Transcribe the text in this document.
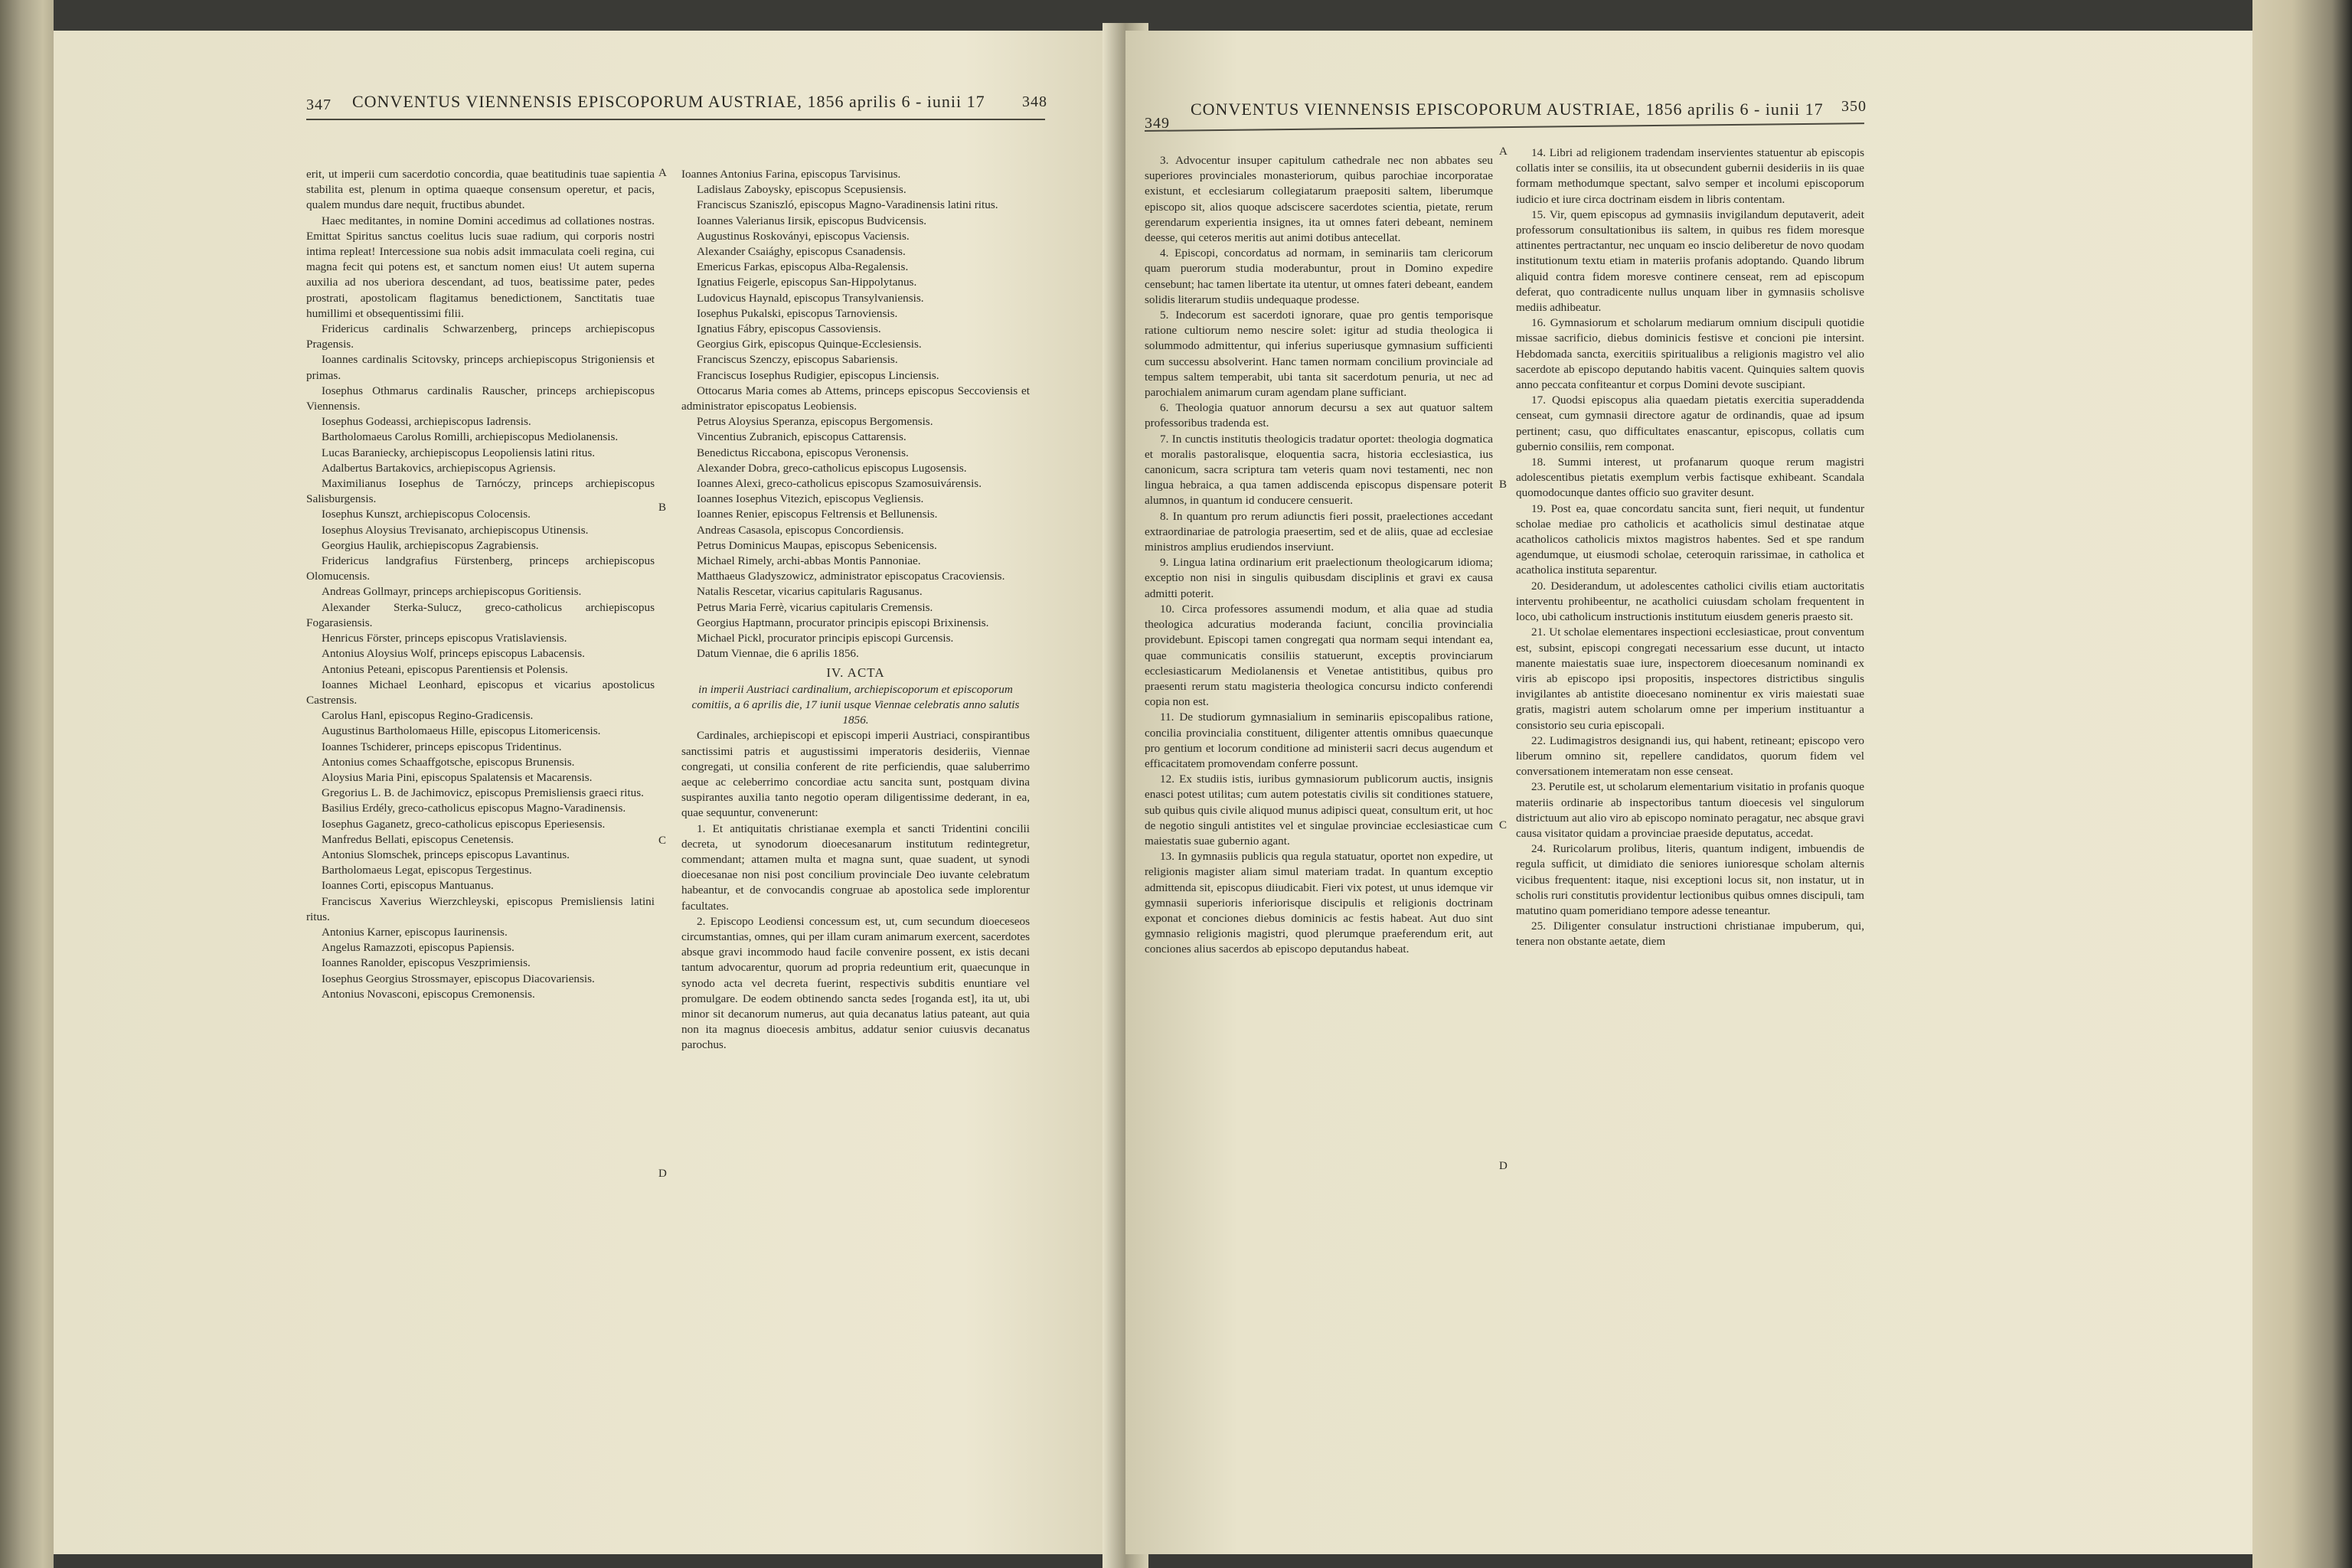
347 CONVENTUS VIENNENSIS EPISCOPORUM AUSTRIAE, 1856 aprilis 6 - iunii 17 348

erit, ut imperii cum sacerdotio concordia, quae beatitudinis tuae sapientia stabilita est, plenum in optima quaeque consensum operetur, et pacis, qualem mundus dare nequit, fructibus abundet.

Haec meditantes, in nomine Domini accedimus ad collationes nostras. Emittat Spiritus sanctus coelitus lucis suae radium, qui corporis nostri intima repleat! Intercessione sua nobis adsit immaculata coeli regina, cui magna fecit qui potens est, et sanctum nomen eius! Ut autem superna auxilia ad nos uberiora descendant, ad tuos, beatissime pater, pedes prostrati, apostolicam flagitamus benedictionem, Sanctitatis tuae humillimi et obsequentissimi filii.

Fridericus cardinalis Schwarzenberg, princeps archiepiscopus Pragensis.

Ioannes cardinalis Scitovsky, princeps archiepiscopus Strigoniensis et primas.

Iosephus Othmarus cardinalis Rauscher, princeps archiepiscopus Viennensis.

Iosephus Godeassi, archiepiscopus Iadrensis.

Bartholomaeus Carolus Romilli, archiepiscopus Mediolanensis.

Lucas Baraniecky, archiepiscopus Leopoliensis latini ritus.

Adalbertus Bartakovics, archiepiscopus Agriensis.

Maximilianus Iosephus de Tarnóczy, princeps archiepiscopus Salisburgensis.

Iosephus Kunszt, archiepiscopus Colocensis.

Iosephus Aloysius Trevisanato, archiepiscopus Utinensis.

Georgius Haulik, archiepiscopus Zagrabiensis.

Fridericus landgrafius Fürstenberg, princeps archiepiscopus Olomucensis.

Andreas Gollmayr, princeps archiepiscopus Goritiensis.

Alexander Sterka-Sulucz, greco-catholicus archiepiscopus Fogarasiensis.

Henricus Förster, princeps episcopus Vratislaviensis.

Antonius Aloysius Wolf, princeps episcopus Labacensis.

Antonius Peteani, episcopus Parentiensis et Polensis.

Ioannes Michael Leonhard, episcopus et vicarius apostolicus Castrensis.

Carolus Hanl, episcopus Regino-Gradicensis.

Augustinus Bartholomaeus Hille, episcopus Litomericensis.

Ioannes Tschiderer, princeps episcopus Tridentinus.

Antonius comes Schaaffgotsche, episcopus Brunensis.

Aloysius Maria Pini, episcopus Spalatensis et Macarensis.

Gregorius L. B. de Jachimovicz, episcopus Premisliensis graeci ritus.

Basilius Erdély, greco-catholicus episcopus Magno-Varadinensis.

Iosephus Gaganetz, greco-catholicus episcopus Eperiesensis.

Manfredus Bellati, episcopus Cenetensis.

Antonius Slomschek, princeps episcopus Lavantinus.

Bartholomaeus Legat, episcopus Tergestinus.

Ioannes Corti, episcopus Mantuanus.

Franciscus Xaverius Wierzchleyski, episcopus Premisliensis latini ritus.

Antonius Karner, episcopus Iaurinensis.

Angelus Ramazzoti, episcopus Papiensis.

Ioannes Ranolder, episcopus Veszprimiensis.

Iosephus Georgius Strossmayer, episcopus Diacovariensis.

Antonius Novasconi, episcopus Cremonensis.

Ioannes Antonius Farina, episcopus Tarvisinus.

Ladislaus Zaboysky, episcopus Scepusiensis.

Franciscus Szaniszló, episcopus Magno-Varadinensis latini ritus.

Ioannes Valerianus Iirsik, episcopus Budvicensis.

Augustinus Roskoványi, episcopus Vaciensis.

Alexander Csaiághy, episcopus Csanadensis.

Emericus Farkas, episcopus Alba-Regalensis.

Ignatius Feigerle, episcopus San-Hippolytanus.

Ludovicus Haynald, episcopus Transylvaniensis.

Iosephus Pukalski, episcopus Tarnoviensis.

Ignatius Fábry, episcopus Cassoviensis.

Georgius Girk, episcopus Quinque-Ecclesiensis.

Franciscus Szenczy, episcopus Sabariensis.

Franciscus Iosephus Rudigier, episcopus Linciensis.

Ottocarus Maria comes ab Attems, princeps episcopus Seccoviensis et administrator episcopatus Leobiensis.

Petrus Aloysius Speranza, episcopus Bergomensis.

Vincentius Zubranich, episcopus Cattarensis.

Benedictus Riccabona, episcopus Veronensis.

Alexander Dobra, greco-catholicus episcopus Lugosensis.

Ioannes Alexi, greco-catholicus episcopus Szamosuivárensis.

Ioannes Iosephus Vitezich, episcopus Vegliensis.

Ioannes Renier, episcopus Feltrensis et Bellunensis.

Andreas Casasola, episcopus Concordiensis.

Petrus Dominicus Maupas, episcopus Sebenicensis.

Michael Rimely, archi-abbas Montis Pannoniae.

Matthaeus Gladyszowicz, administrator episcopatus Cracoviensis.

Natalis Rescetar, vicarius capitularis Ragusanus.

Petrus Maria Ferrè, vicarius capitularis Cremensis.

Georgius Haptmann, procurator principis episcopi Brixinensis.

Michael Pickl, procurator principis episcopi Gurcensis.

Datum Viennae, die 6 aprilis 1856.

IV. ACTA

in imperii Austriaci cardinalium, archiepiscoporum et episcoporum comitiis, a 6 aprilis die, 17 iunii usque Viennae celebratis anno salutis 1856.

Cardinales, archiepiscopi et episcopi imperii Austriaci, conspirantibus sanctissimi patris et augustissimi imperatoris desideriis, Viennae congregati, ut consilia conferent de rite perficiendis, quae saluberrimo aeque ac celeberrimo concordiae actu sancita sunt, postquam divina suspirantes auxilia tanto negotio operam diligentissime dederant, in ea, quae sequuntur, convenerunt:

1. Et antiquitatis christianae exempla et sancti Tridentini concilii decreta, ut synodorum dioecesanarum institutum redintegretur, commendant; attamen multa et magna sunt, quae suadent, ut synodi dioecesanae non nisi post concilium provinciale Deo iuvante celebratum habeantur, et de convocandis congruae ab apostolica sede implorentur facultates.

2. Episcopo Leodiensi concessum est, ut, cum secundum dioeceseos circumstantias, omnes, qui per illam curam animarum exercent, sacerdotes absque gravi incommodo haud facile convenire possent, ex istis decani tantum advocarentur, quorum ad propria redeuntium erit, quaecunque in synodo acta vel decreta fuerint, respectivis subditis enuntiare vel promulgare. De eodem obtinendo sancta sedes [roganda est], ita ut, ubi minor sit decanorum numerus, aut quia decanatus latius pateant, aut quia non ita magnus dioecesis ambitus, addatur senior cuiusvis decanatus parochus.

A
B
C
D
349
CONVENTUS VIENNENSIS EPISCOPORUM AUSTRIAE, 1856 aprilis 6 - iunii 17 350

3. Advocentur insuper capitulum cathedrale nec non abbates seu superiores provinciales monasteriorum, quibus parochiae incorporatae existunt, et ecclesiarum collegiatarum praepositi saltem, liberumque episcopo sit, alios quoque adsciscere sacerdotes scientia, pietate, rerum gerendarum experientia insignes, ita ut omnes fateri debeant, neminem deesse, qui ceteros meritis aut animi dotibus antecellat.

4. Episcopi, concordatus ad normam, in seminariis tam clericorum quam puerorum studia moderabuntur, prout in Domino expedire censebunt; hac tamen libertate ita utentur, ut omnes fateri debeant, eandem solidis literarum studiis undequaque prodesse.

5. Indecorum est sacerdoti ignorare, quae pro gentis temporisque ratione cultiorum nemo nescire solet: igitur ad studia theologica ii solummodo admittentur, qui inferius superiusque gymnasium sufficienti cum successu absolverint. Hanc tamen normam concilium provinciale ad tempus saltem temperabit, ubi tanta sit sacerdotum penuria, ut nec ad parochialem animarum curam agendam plane sufficiant.

6. Theologia quatuor annorum decursu a sex aut quatuor saltem professoribus tradenda est.

7. In cunctis institutis theologicis tradatur oportet: theologia dogmatica et moralis pastoralisque, eloquentia sacra, historia ecclesiastica, ius canonicum, sacra scriptura tam veteris quam novi testamenti, nec non lingua hebraica, a qua tamen addiscenda episcopus dispensare poterit alumnos, in quantum id conducere censuerit.

8. In quantum pro rerum adiunctis fieri possit, praelectiones accedant extraordinariae de patrologia praesertim, sed et de aliis, quae ad ecclesiae ministros amplius erudiendos inserviunt.

9. Lingua latina ordinarium erit praelectionum theologicarum idioma; exceptio non nisi in singulis quibusdam disciplinis et gravi ex causa admitti poterit.

10. Circa professores assumendi modum, et alia quae ad studia theologica adcuratius moderanda faciunt, concilia provincialia providebunt. Episcopi tamen congregati qua normam sequi intendant ea, quae communicatis consiliis statuerunt, exceptis provinciarum ecclesiasticarum Mediolanensis et Venetae antistitibus, quibus pro praesenti rerum statu magisteria theologica concursu indicto conferendi copia non est.

11. De studiorum gymnasialium in seminariis episcopalibus ratione, concilia provincialia constituent, diligenter attentis omnibus quaecunque pro gentium et locorum conditione ad ministerii sacri decus augendum et efficacitatem promovendam conferre possunt.

12. Ex studiis istis, iuribus gymnasiorum publicorum auctis, insignis enasci potest utilitas; cum autem potestatis civilis sit conditiones statuere, sub quibus quis civile aliquod munus adipisci queat, consultum erit, ut hoc de negotio singuli antistites vel et singulae provinciae ecclesiasticae cum maiestatis suae gubernio agant.

13. In gymnasiis publicis qua regula statuatur, oportet non expedire, ut religionis magister aliam simul materiam tradat. In quantum exceptio admittenda sit, episcopus diiudicabit. Fieri vix potest, ut unus idemque vir gymnasii superioris inferiorisque discipulis et religionis doctrinam exponat et conciones diebus dominicis ac festis habeat. Aut duo sint gymnasio religionis magistri, quod plerumque praeferendum erit, aut conciones alius sacerdos ab episcopo deputandus habeat.

14. Libri ad religionem tradendam inservientes statuentur ab episcopis collatis inter se consiliis, ita ut obsecundent gubernii desideriis in iis quae formam methodumque spectant, salvo semper et incolumi episcoporum iudicio et iure circa doctrinam eisdem in libris contentam.

15. Vir, quem episcopus ad gymnasiis invigilandum deputaverit, adeit professorum consultationibus iis saltem, in quibus res fidem moresque attinentes pertractantur, nec unquam eo inscio deliberetur de novo quodam institutionum textu etiam in materiis profanis adoptando. Quando librum aliquid contra fidem moresve continere censeat, rem ad episcopum deferat, quo contradicente nullus unquam liber in gymnasiis scholisve mediis adhibeatur.

16. Gymnasiorum et scholarum mediarum omnium discipuli quotidie missae sacrificio, diebus dominicis festisve et concioni pie intersint. Hebdomada sancta, exercitiis spiritualibus a religionis magistro vel alio sacerdote ab episcopo deputando habitis vacent. Quinquies saltem quovis anno peccata confiteantur et corpus Domini devote suscipiant.

17. Quodsi episcopus alia quaedam pietatis exercitia superaddenda censeat, cum gymnasii directore agatur de ordinandis, quae ad ipsum pertinent; casu, quo difficultates enascantur, episcopus, collatis cum gubernio consiliis, rem componat.

18. Summi interest, ut profanarum quoque rerum magistri adolescentibus pietatis exemplum verbis factisque exhibeant. Scandala quomodocunque dantes officio suo graviter desunt.

19. Post ea, quae concordatu sancita sunt, fieri nequit, ut fundentur scholae mediae pro catholicis et acatholicis simul destinatae atque acatholicos catholicis mixtos magistros habentes. Sed et spe randum agendumque, ut eiusmodi scholae, ceteroquin rarissimae, in catholica et acatholica instituta separentur.

20. Desiderandum, ut adolescentes catholici civilis etiam auctoritatis interventu prohibeentur, ne acatholici cuiusdam scholam frequentent in loco, ubi catholicum instructionis institutum eiusdem generis praesto sit.

21. Ut scholae elementares inspectioni ecclesiasticae, prout conventum est, subsint, episcopi congregati necessarium esse ducunt, ut intacto manente maiestatis suae iure, inspectorem dioecesanum nominandi ex viris ab episcopo ipsi propositis, inspectores districtibus singulis invigilantes ab antistite dioecesano nominentur ex viris maiestati suae gratis, magistri autem scholarum omne per imperium instituantur a consistorio seu curia episcopali.

22. Ludimagistros designandi ius, qui habent, retineant; episcopo vero liberum omnino sit, repellere candidatos, quorum fidem vel conversationem intemeratam non esse censeat.

23. Perutile est, ut scholarum elementarium visitatio in profanis quoque materiis ordinarie ab inspectoribus tantum dioecesis vel singulorum districtuum aut alio viro ab episcopo nominato peragatur, nec absque gravi causa visitator quidam a provinciae praeside deputatus, accedat.

24. Ruricolarum prolibus, literis, quantum indigent, imbuendis de regula sufficit, ut dimidiato die seniores iunioresque scholam alternis vicibus frequentent: itaque, nisi exceptioni locus sit, non instatur, ut in scholis ruri constitutis providentur lectionibus quibus omnes discipuli, tam matutino quam pomeridiano tempore adesse teneantur.

25. Diligenter consulatur instructioni christianae impuberum, qui, tenera non obstante aetate, diem

A
B
C
D
